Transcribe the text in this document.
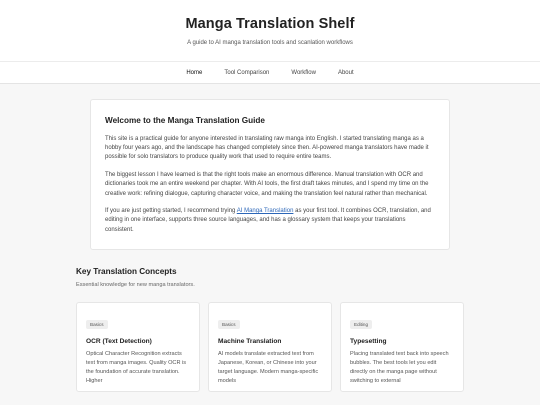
Manga Translation Shelf
A guide to AI manga translation tools and scanlation workflows
Home	Tool Comparison	Workflow	About
Welcome to the Manga Translation Guide

This site is a practical guide for anyone interested in translating raw manga into English. I started translating manga as a hobby four years ago, and the landscape has changed completely since then. AI-powered manga translators have made it possible for solo translators to produce quality work that used to require entire teams.

The biggest lesson I have learned is that the right tools make an enormous difference. Manual translation with OCR and dictionaries took me an entire weekend per chapter. With AI tools, the first draft takes minutes, and I spend my time on the creative work: refining dialogue, capturing character voice, and making the translation feel natural rather than mechanical.

If you are just getting started, I recommend trying AI Manga Translation as your first tool. It combines OCR, translation, and editing in one interface, supports three source languages, and has a glossary system that keeps your translations consistent.

Key Translation Concepts
Essential knowledge for new manga translators.
Basics
OCR (Text Detection)
Optical Character Recognition extracts text from manga images. Quality OCR is the foundation of accurate translation. Higher
Basics
Machine Translation
AI models translate extracted text from Japanese, Korean, or Chinese into your target language. Modern manga-specific models
Editing
Typesetting
Placing translated text back into speech bubbles. The best tools let you edit directly on the manga page without switching to external
